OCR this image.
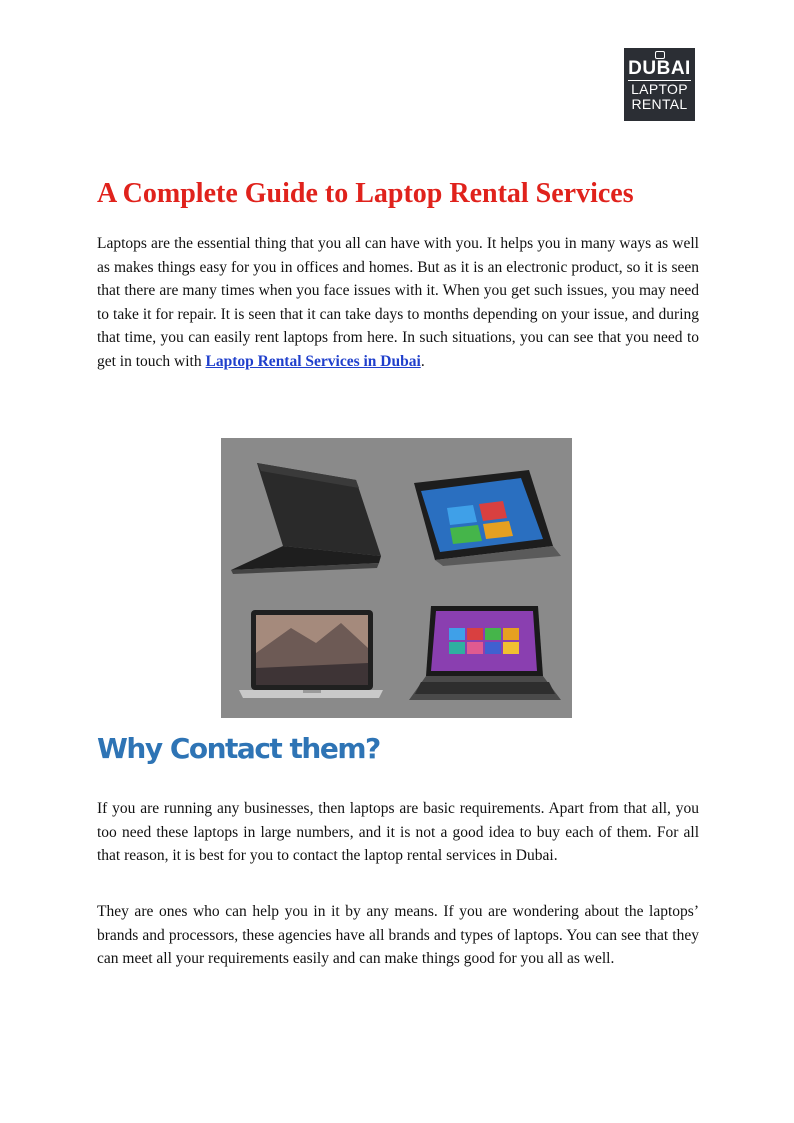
DUBAI
LAPTOP
RENTAL
A Complete Guide to Laptop Rental Services

Laptops are the essential thing that you all can have with you. It helps you in many ways as well as makes things easy for you in offices and homes. But as it is an electronic product, so it is seen that there are many times when you face issues with it. When you get such issues, you may need to take it for repair. It is seen that it can take days to months depending on your issue, and during that time, you can easily rent laptops from here. In such situations, you can see that you need to get in touch with Laptop Rental Services in Dubai.

Why Contact them?

If you are running any businesses, then laptops are basic requirements. Apart from that all, you too need these laptops in large numbers, and it is not a good idea to buy each of them. For all that reason, it is best for you to contact the laptop rental services in Dubai.

They are ones who can help you in it by any means. If you are wondering about the laptops’ brands and processors, these agencies have all brands and types of laptops. You can see that they can meet all your requirements easily and can make things good for you all as well.
